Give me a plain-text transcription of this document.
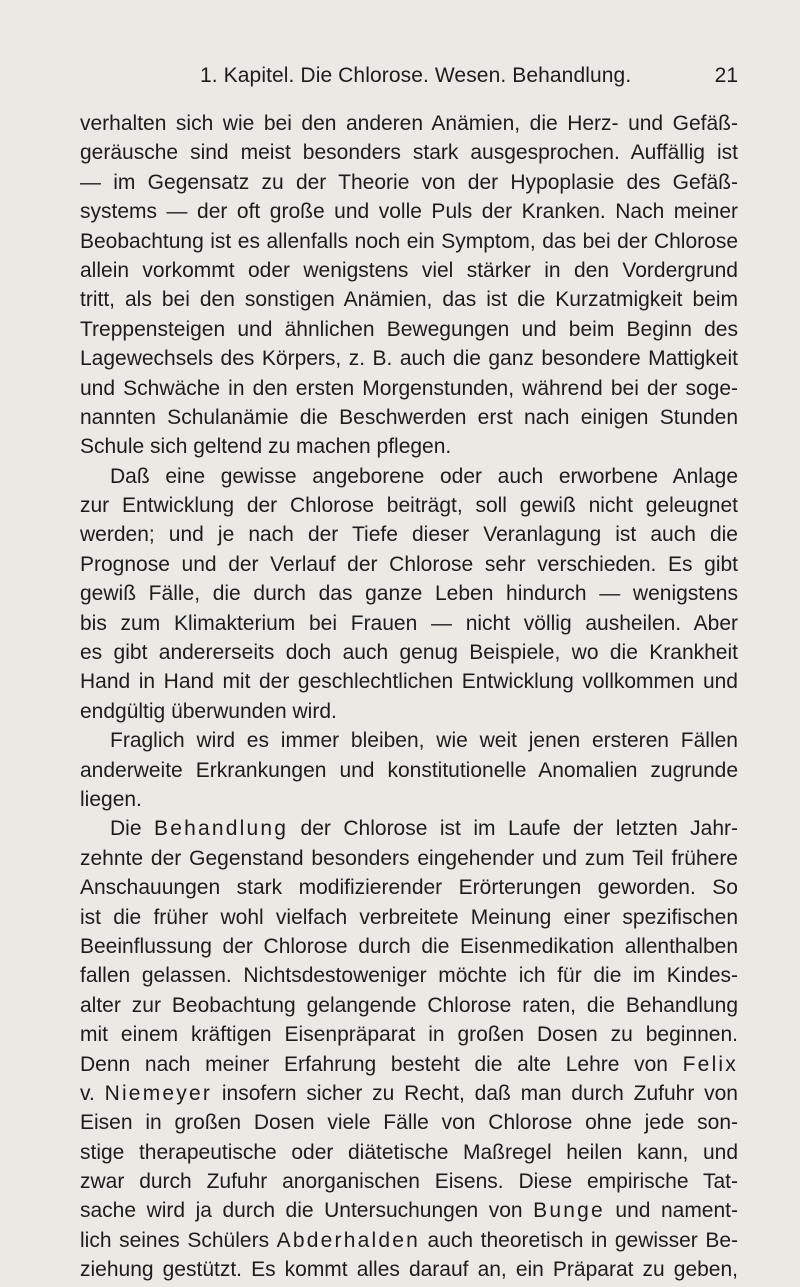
1. Kapitel. Die Chlorose. Wesen. Behandlung.	21
verhalten sich wie bei den anderen Anämien, die Herz- und Gefäß-
geräusche sind meist besonders stark ausgesprochen. Auffällig ist
— im Gegensatz zu der Theorie von der Hypoplasie des Gefäß-
systems — der oft große und volle Puls der Kranken. Nach meiner
Beobachtung ist es allenfalls noch ein Symptom, das bei der Chlorose
allein vorkommt oder wenigstens viel stärker in den Vordergrund
tritt, als bei den sonstigen Anämien, das ist die Kurzatmigkeit beim
Treppensteigen und ähnlichen Bewegungen und beim Beginn des
Lagewechsels des Körpers, z. B. auch die ganz besondere Mattigkeit
und Schwäche in den ersten Morgenstunden, während bei der soge-
nannten Schulanämie die Beschwerden erst nach einigen Stunden
Schule sich geltend zu machen pflegen.
Daß eine gewisse angeborene oder auch erworbene Anlage
zur Entwicklung der Chlorose beiträgt, soll gewiß nicht geleugnet
werden; und je nach der Tiefe dieser Veranlagung ist auch die
Prognose und der Verlauf der Chlorose sehr verschieden. Es gibt
gewiß Fälle, die durch das ganze Leben hindurch — wenigstens
bis zum Klimakterium bei Frauen — nicht völlig ausheilen. Aber
es gibt andererseits doch auch genug Beispiele, wo die Krankheit
Hand in Hand mit der geschlechtlichen Entwicklung vollkommen und
endgültig überwunden wird.
Fraglich wird es immer bleiben, wie weit jenen ersteren Fällen
anderweite Erkrankungen und konstitutionelle Anomalien zugrunde
liegen.
Die Behandlung der Chlorose ist im Laufe der letzten Jahr-
zehnte der Gegenstand besonders eingehender und zum Teil frühere
Anschauungen stark modifizierender Erörterungen geworden. So
ist die früher wohl vielfach verbreitete Meinung einer spezifischen
Beeinflussung der Chlorose durch die Eisenmedikation allenthalben
fallen gelassen. Nichtsdestoweniger möchte ich für die im Kindes-
alter zur Beobachtung gelangende Chlorose raten, die Behandlung
mit einem kräftigen Eisenpräparat in großen Dosen zu beginnen.
Denn nach meiner Erfahrung besteht die alte Lehre von Felix
v. Niemeyer insofern sicher zu Recht, daß man durch Zufuhr von
Eisen in großen Dosen viele Fälle von Chlorose ohne jede son-
stige therapeutische oder diätetische Maßregel heilen kann, und
zwar durch Zufuhr anorganischen Eisens. Diese empirische Tat-
sache wird ja durch die Untersuchungen von Bunge und nament-
lich seines Schülers Abderhalden auch theoretisch in gewisser Be-
ziehung gestützt. Es kommt alles darauf an, ein Präparat zu geben,
